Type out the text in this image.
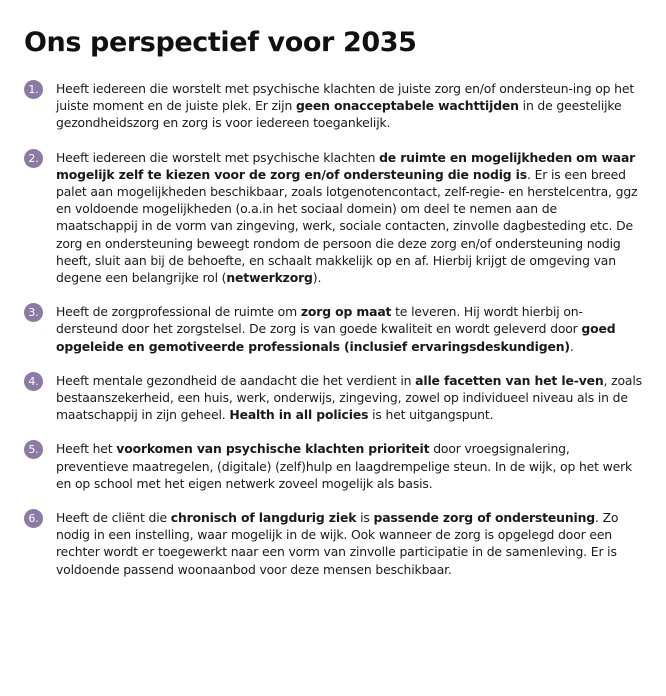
Ons perspectief voor 2035
1.	Heeft iedereen die worstelt met psychische klachten de juiste zorg en/of ondersteun-ing op het juiste moment en de juiste plek. Er zijn geen onacceptabele wachttijden in de geestelijke gezondheidszorg en zorg is voor iedereen toegankelijk.
2.	Heeft iedereen die worstelt met psychische klachten de ruimte en mogelijkheden om waar mogelijk zelf te kiezen voor de zorg en/of ondersteuning die nodig is. Er is een breed palet aan mogelijkheden beschikbaar, zoals lotgenotencontact, zelf-regie- en herstelcentra, ggz en voldoende mogelijkheden (o.a.in het sociaal domein) om deel te nemen aan de maatschappij in de vorm van zingeving, werk, sociale contacten, zinvolle dagbesteding etc. De zorg en ondersteuning beweegt rondom de persoon die deze zorg en/of ondersteuning nodig heeft, sluit aan bij de behoefte, en schaalt makkelijk op en af. Hierbij krijgt de omgeving van degene een belangrijke rol (netwerkzorg).
3.	Heeft de zorgprofessional de ruimte om zorg op maat te leveren. Hij wordt hierbij on-dersteund door het zorgstelsel. De zorg is van goede kwaliteit en wordt geleverd door goed opgeleide en gemotiveerde professionals (inclusief ervaringsdeskundigen).
4.	Heeft mentale gezondheid de aandacht die het verdient in alle facetten van het le-ven, zoals bestaanszekerheid, een huis, werk, onderwijs, zingeving, zowel op individueel niveau als in de maatschappij in zijn geheel. Health in all policies is het uitgangspunt.
5.	Heeft het voorkomen van psychische klachten prioriteit door vroegsignalering, preventieve maatregelen, (digitale) (zelf)hulp en laagdrempelige steun. In de wijk, op het werk en op school met het eigen netwerk zoveel mogelijk als basis.
6.	Heeft de cliënt die chronisch of langdurig ziek is passende zorg of ondersteuning. Zo nodig in een instelling, waar mogelijk in de wijk. Ook wanneer de zorg is opgelegd door een rechter wordt er toegewerkt naar een vorm van zinvolle participatie in de samenleving. Er is voldoende passend woonaanbod voor deze mensen beschikbaar.
